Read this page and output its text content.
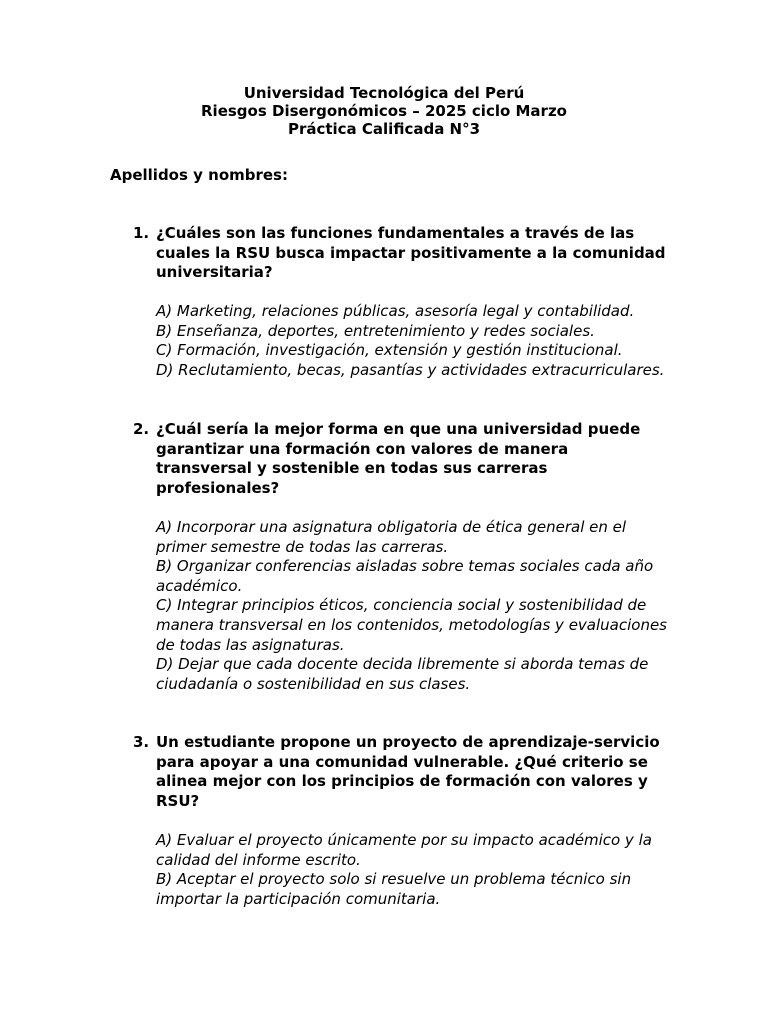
Universidad Tecnológica del Perú
Riesgos Disergonómicos – 2025 ciclo Marzo
Práctica Calificada N°3
Apellidos y nombres:
1. ¿Cuáles son las funciones fundamentales a través de las cuales la RSU busca impactar positivamente a la comunidad universitaria?
A) Marketing, relaciones públicas, asesoría legal y contabilidad.
B) Enseñanza, deportes, entretenimiento y redes sociales.
C) Formación, investigación, extensión y gestión institucional.
D) Reclutamiento, becas, pasantías y actividades extracurriculares.
2. ¿Cuál sería la mejor forma en que una universidad puede garantizar una formación con valores de manera transversal y sostenible en todas sus carreras profesionales?
A) Incorporar una asignatura obligatoria de ética general en el primer semestre de todas las carreras.
B) Organizar conferencias aisladas sobre temas sociales cada año académico.
C) Integrar principios éticos, conciencia social y sostenibilidad de manera transversal en los contenidos, metodologías y evaluaciones de todas las asignaturas.
D) Dejar que cada docente decida libremente si aborda temas de ciudadanía o sostenibilidad en sus clases.
3. Un estudiante propone un proyecto de aprendizaje-servicio para apoyar a una comunidad vulnerable. ¿Qué criterio se alinea mejor con los principios de formación con valores y RSU?
A) Evaluar el proyecto únicamente por su impacto académico y la calidad del informe escrito.
B) Aceptar el proyecto solo si resuelve un problema técnico sin importar la participación comunitaria.
